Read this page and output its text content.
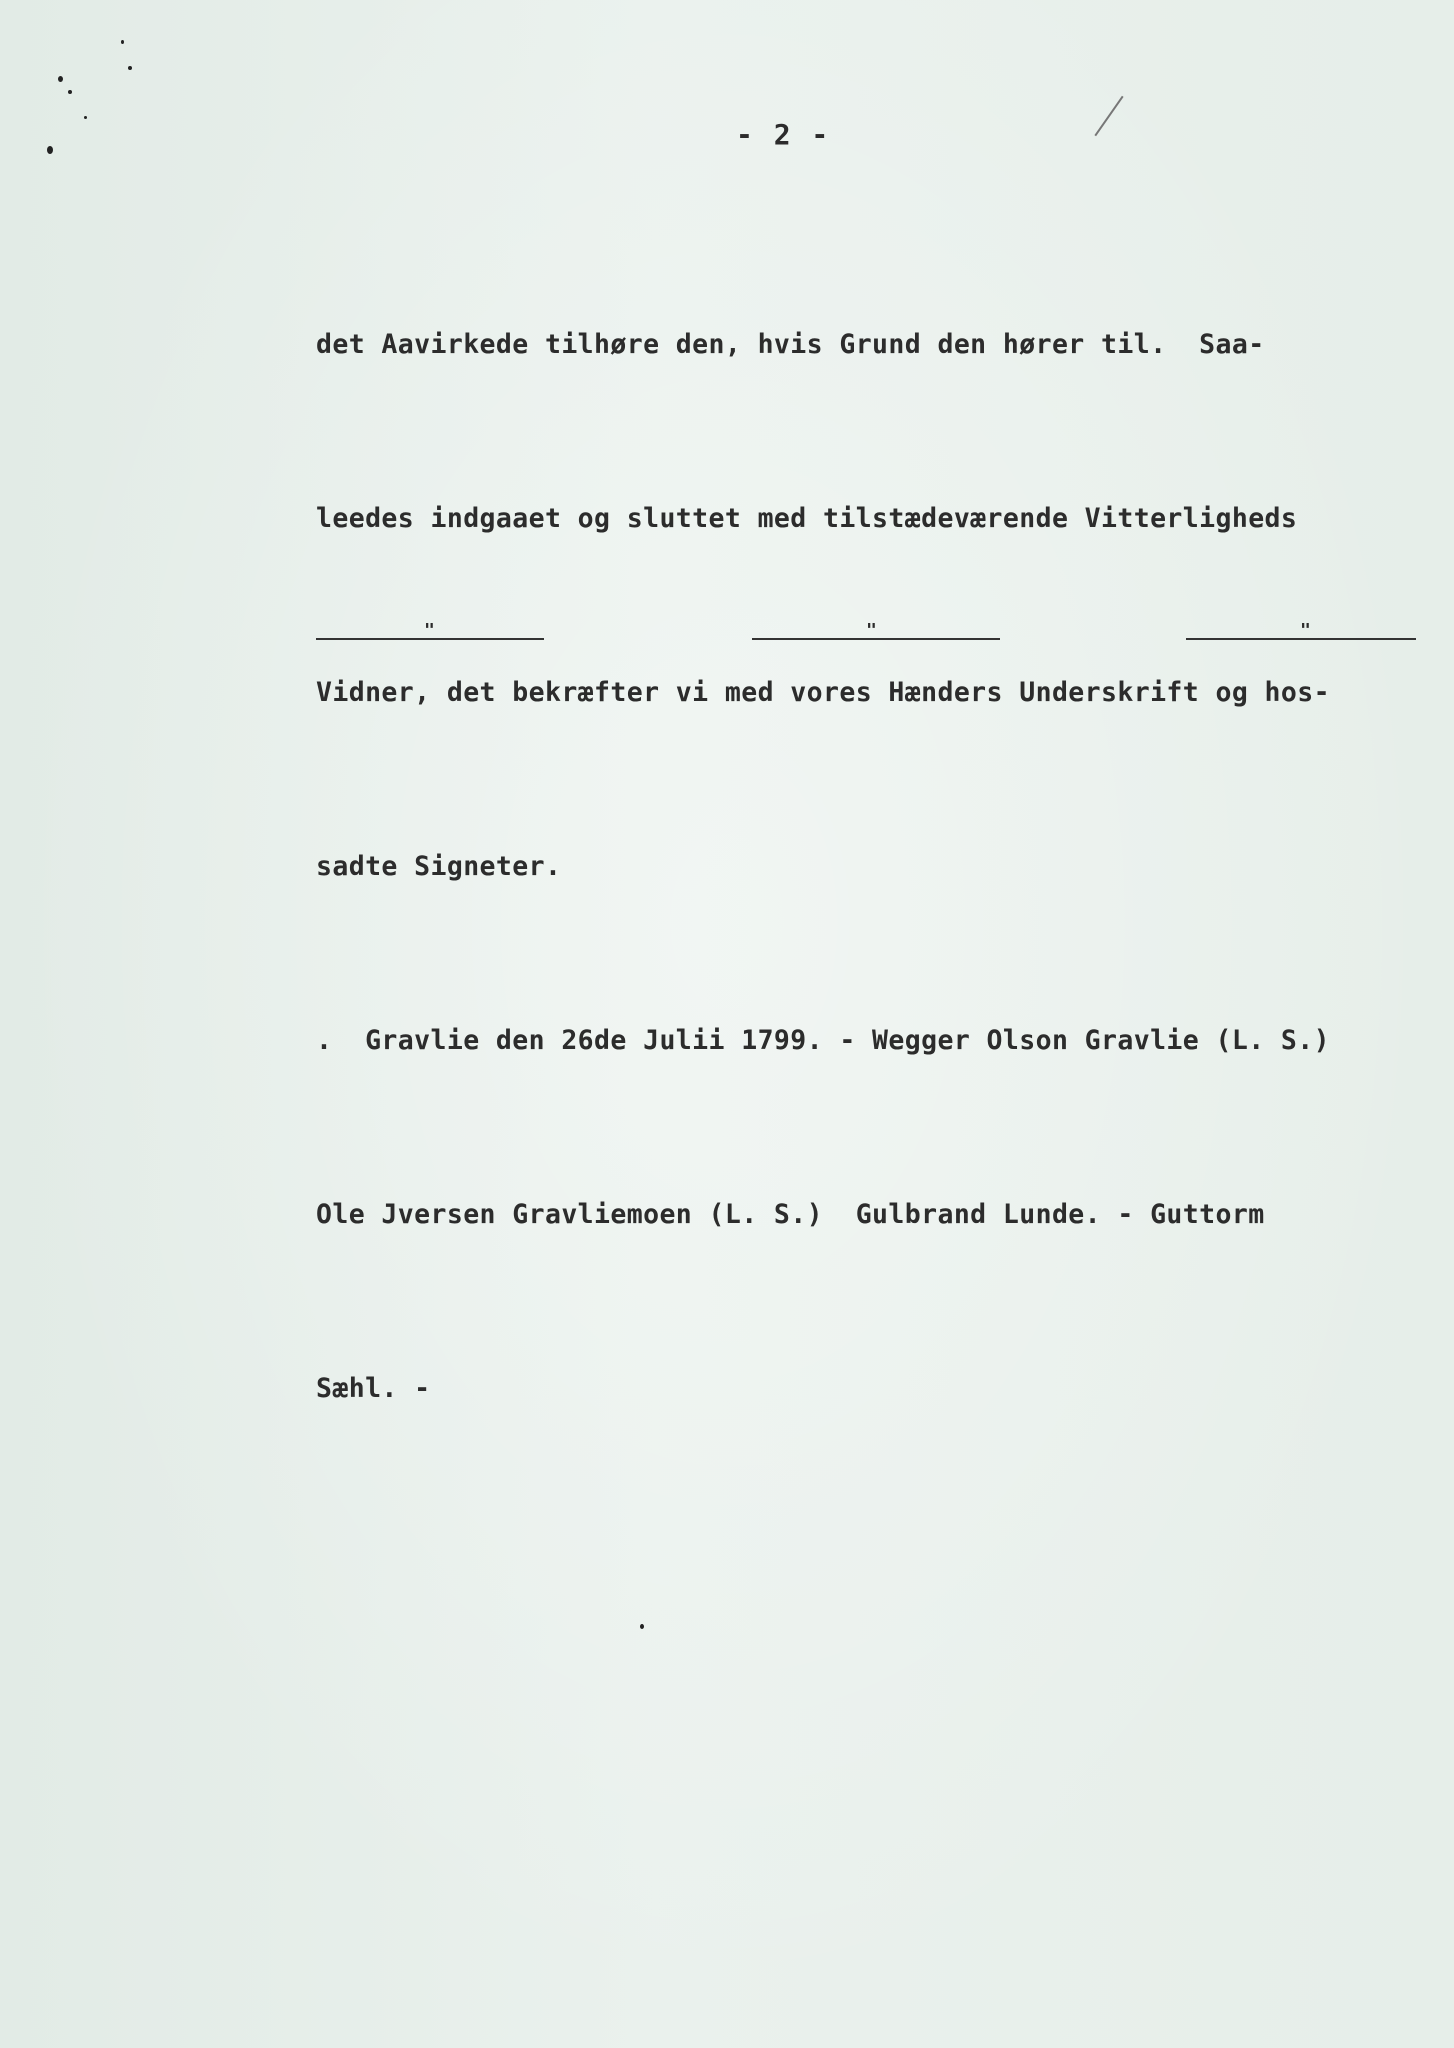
- 2 -

det Aavirkede tilhøre den, hvis Grund den hører til.  Saa-

leedes indgaaet og sluttet med tilstædeværende Vitterligheds

Vidner, det bekræfter vi med vores Hænders Underskrift og hos-

sadte Signeter.

.  Gravlie den 26de Julii 1799. - Wegger Olson Gravlie (L. S.)

Ole Jversen Gravliemoen (L. S.)  Gulbrand Lunde. - Guttorm

Sæhl. -

"	"	"
